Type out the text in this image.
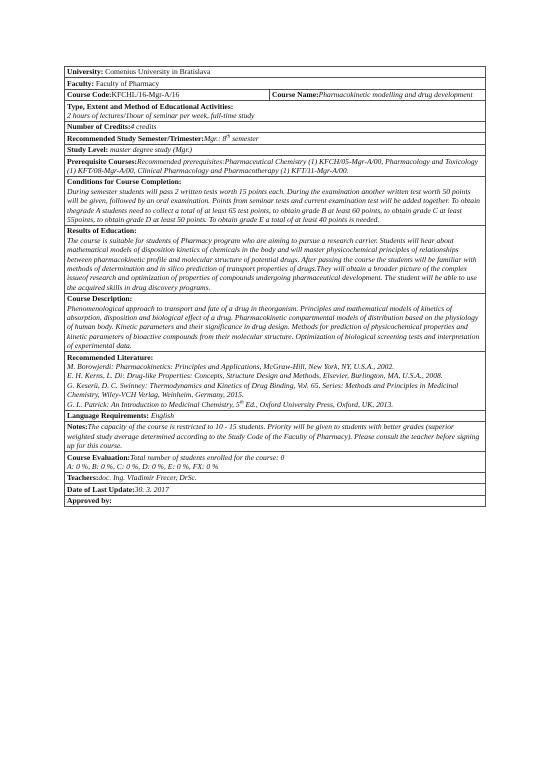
University: Comenius University in Bratislava
Faculty: Faculty of Pharmacy
Course Code:KFCHL/16-Mgr-A/16	Course Name:Pharmacokinetic modelling and drug development
Type, Extent and Method of Educational Activities:
2 hours of lectures/1hour of seminar per week, full-time study
Number of Credits:4 credits
Recommended Study Semester/Trimester:Mgr.: 8th semester
Study Level: master degree study (Mgr.)
Prerequisite Courses:Recommended prerequisites:Pharmaceutical Chemistry (1) KFCH/05-Mgr-A/00, Pharmacology and Toxicology (1) KFT/08-Mgr-A/00, Clinical Pharmacology and Pharmacotherapy (1) KFT/11-Mgr-A/00.
Conditions for Course Completion:
During semester students will pass 2 written tests worth 15 points each. During the examination another written test worth 50 points will be given, followed by an oral examination. Points from seminar tests and current examination test will be added together. To obtain thegrade A students need to collect a total of at least 65 test points, to obtain grade B at least 60 points, to obtain grade C at least 55points, to obtain grade D at least 50 points. To obtain grade E a total of at least 40 points is needed.
Results of Education:
The course is suitable for students of Pharmacy program who are aiming to pursue a research carrier. Students will hear about mathematical models of disposition kinetics of chemicals in the body and will master physicochemical principles of relationships between pharmacokinetic profile and molecular structure of potential drugs. After passing the course the students will be familiar with methods of determination and in silico prediction of transport properties of drugs.They will obtain a broader picture of the complex issueof research and optimization of properties of compounds undergoing pharmaceutical development. The student will be able to use the acquired skills in drug discovery programs.
Course Description:
Phenomenological approach to transport and fate of a drug in theorganism. Principles and mathematical models of kinetics of absorption, disposition and biological effect of a drug. Pharmacokinetic compartmental models of distribution based on the physiology of human body. Kinetic parameters and their significance in drug design. Methods for prediction of physicochemical properties and kinetic parameters of bioactive compounds from their molecular structure. Optimization of biological screening tests and interpretation of experimental data.
Recommended Literature:
M. Borowjerdi: Pharmacokinetics: Principles and Applications, McGraw-Hill, New York, NY, U.S.A., 2002.
E. H. Kerns, L. Di: Drug-like Properties: Concepts, Structure Design and Methods, Elsevier, Burlington, MA, U.S.A., 2008.
G. Keserü, D. C. Swinney: Thermodynamics and Kinetics of Drug Binding, Vol. 65, Series: Methods and Principles in Medicinal Chemistry, Wiley-VCH Verlag, Weinheim, Germany, 2015.
G. L. Patrick: An Introduction to Medicinal Chemistry, 5th Ed., Oxford University Press, Oxford, UK, 2013.
Language Requirements: English
Notes:The capacity of the course is restricted to 10 - 15 students. Priority will be given to students with better grades (superior weighted study average determined according to the Study Code of the Faculty of Pharmacy). Please consult the teacher before signing up for this course.
Course Evaluation:Total number of students enrolled for the course: 0
A: 0 %, B: 0 %, C: 0 %, D: 0 %, E: 0 %, FX: 0 %
Teachers:doc. Ing. Vladimír Frecer, DrSc.
Date of Last Update:30. 3. 2017
Approved by:
